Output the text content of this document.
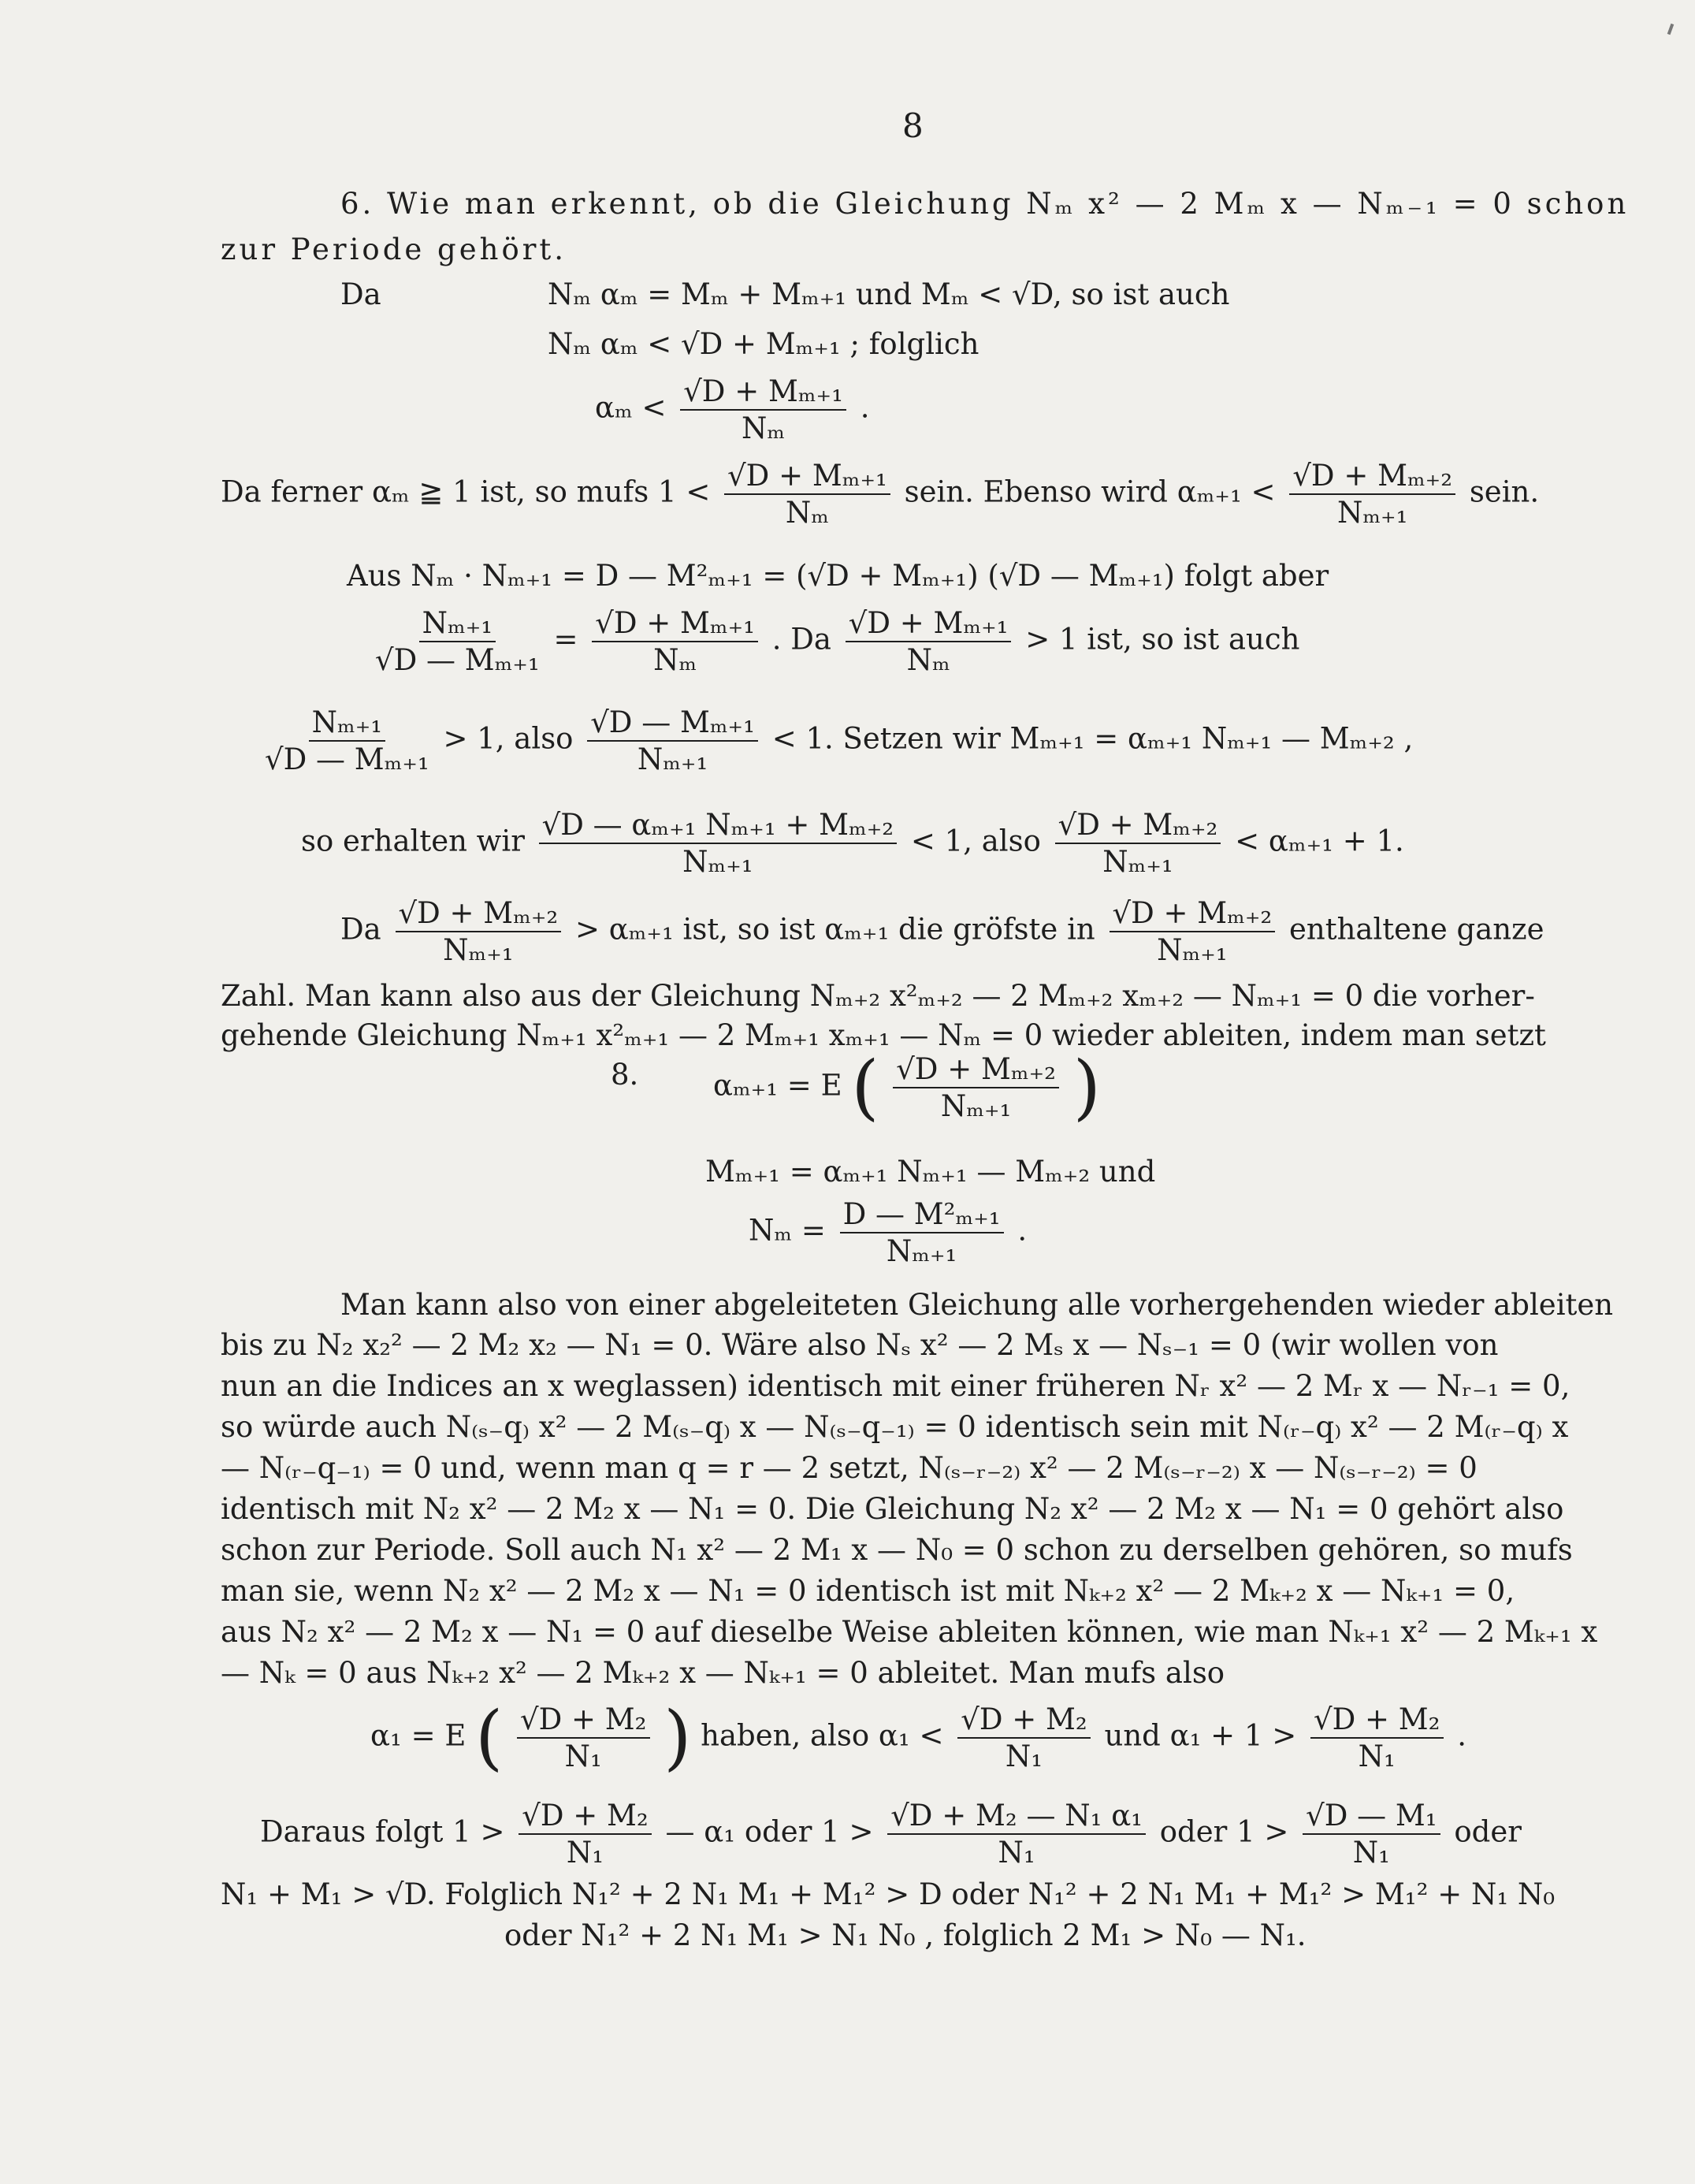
8
6. Wie man erkennt, ob die Gleichung Nₘ x² — 2 Mₘ x — Nₘ₋₁ = 0 schon
zur Periode gehört.
Da	Nₘ αₘ = Mₘ + Mₘ₊₁ und Mₘ < √D, so ist auch
Nₘ αₘ < √D + Mₘ₊₁ ; folglich
$\alpha_m < \frac{\text{√D + Mₘ₊₁}}{\text{Nₘ}}$ .
Da ferner αₘ ≧ 1 ist, so mufs $1 < \frac{\text{√D + Mₘ₊₁}}{\text{Nₘ}}$ sein. Ebenso wird $\alpha_{m+1} < \frac{\text{√D + Mₘ₊₂}}{\text{Nₘ₊₁}}$ sein.
Aus Nₘ · Nₘ₊₁ = D — M²ₘ₊₁ = (√D + Mₘ₊₁) (√D — Mₘ₊₁) folgt aber
$\frac{\text{Nₘ₊₁}}{\text{√D — Mₘ₊₁}} = \frac{\text{√D + Mₘ₊₁}}{\text{Nₘ}}$ . Da $\frac{\text{√D + Mₘ₊₁}}{\text{Nₘ}} > 1$ ist, so ist auch
$\frac{\text{Nₘ₊₁}}{\text{√D — Mₘ₊₁}} > 1$, also $\frac{\text{√D — Mₘ₊₁}}{\text{Nₘ₊₁}} < 1$. Setzen wir Mₘ₊₁ = αₘ₊₁ Nₘ₊₁ — Mₘ₊₂ ,
so erhalten wir $\frac{\text{√D — αₘ₊₁ Nₘ₊₁ + Mₘ₊₂}}{\text{Nₘ₊₁}} < 1$, also $\frac{\text{√D + Mₘ₊₂}}{\text{Nₘ₊₁}} < \alpha_{m+1} + 1$.
Da $\frac{\text{√D + Mₘ₊₂}}{\text{Nₘ₊₁}} > \alpha_{m+1}$ ist, so ist αₘ₊₁ die gröfste in $\frac{\text{√D + Mₘ₊₂}}{\text{Nₘ₊₁}}$ enthaltene ganze
Zahl. Man kann also aus der Gleichung Nₘ₊₂ x²ₘ₊₂ — 2 Mₘ₊₂ xₘ₊₂ — Nₘ₊₁ = 0 die vorher-
gehende Gleichung Nₘ₊₁ x²ₘ₊₁ — 2 Mₘ₊₁ xₘ₊₁ — Nₘ = 0 wieder ableiten, indem man setzt
8.	αₘ₊₁ = E ( $\frac{\text{√D + Mₘ₊₂}}{\text{Nₘ₊₁}}$ )
Mₘ₊₁ = αₘ₊₁ Nₘ₊₁ — Mₘ₊₂ und
$N_m = \frac{\text{D — M²ₘ₊₁}}{\text{Nₘ₊₁}}$ .
Man kann also von einer abgeleiteten Gleichung alle vorhergehenden wieder ableiten
bis zu N₂ x₂² — 2 M₂ x₂ — N₁ = 0. Wäre also Nₛ x² — 2 Mₛ x — Nₛ₋₁ = 0 (wir wollen von
nun an die Indices an x weglassen) identisch mit einer früheren Nᵣ x² — 2 Mᵣ x — Nᵣ₋₁ = 0,
so würde auch N₍ₛ₋q₎ x² — 2 M₍ₛ₋q₎ x — N₍ₛ₋q₋₁₎ = 0 identisch sein mit N₍ᵣ₋q₎ x² — 2 M₍ᵣ₋q₎ x
— N₍ᵣ₋q₋₁₎ = 0 und, wenn man q = r — 2 setzt, N₍ₛ₋ᵣ₋₂₎ x² — 2 M₍ₛ₋ᵣ₋₂₎ x — N₍ₛ₋ᵣ₋₂₎ = 0
identisch mit N₂ x² — 2 M₂ x — N₁ = 0. Die Gleichung N₂ x² — 2 M₂ x — N₁ = 0 gehört also
schon zur Periode. Soll auch N₁ x² — 2 M₁ x — N₀ = 0 schon zu derselben gehören, so mufs
man sie, wenn N₂ x² — 2 M₂ x — N₁ = 0 identisch ist mit Nₖ₊₂ x² — 2 Mₖ₊₂ x — Nₖ₊₁ = 0,
aus N₂ x² — 2 M₂ x — N₁ = 0 auf dieselbe Weise ableiten können, wie man Nₖ₊₁ x² — 2 Mₖ₊₁ x
— Nₖ = 0 aus Nₖ₊₂ x² — 2 Mₖ₊₂ x — Nₖ₊₁ = 0 ableitet. Man mufs also
α₁ = E ( $\frac{\text{√D + M₂}}{\text{N₁}}$ ) haben, also $\alpha_1 < \frac{\text{√D + M₂}}{\text{N₁}}$ und $\alpha_1 + 1 > \frac{\text{√D + M₂}}{\text{N₁}}$ .
Daraus folgt $1 > \frac{\text{√D + M₂}}{\text{N₁}}$ — α₁ oder $1 > \frac{\text{√D + M₂ — N₁ α₁}}{\text{N₁}}$ oder $1 > \frac{\text{√D — M₁}}{\text{N₁}}$ oder
N₁ + M₁ > √D. Folglich N₁² + 2 N₁ M₁ + M₁² > D oder N₁² + 2 N₁ M₁ + M₁² > M₁² + N₁ N₀
oder N₁² + 2 N₁ M₁ > N₁ N₀ , folglich 2 M₁ > N₀ — N₁.
